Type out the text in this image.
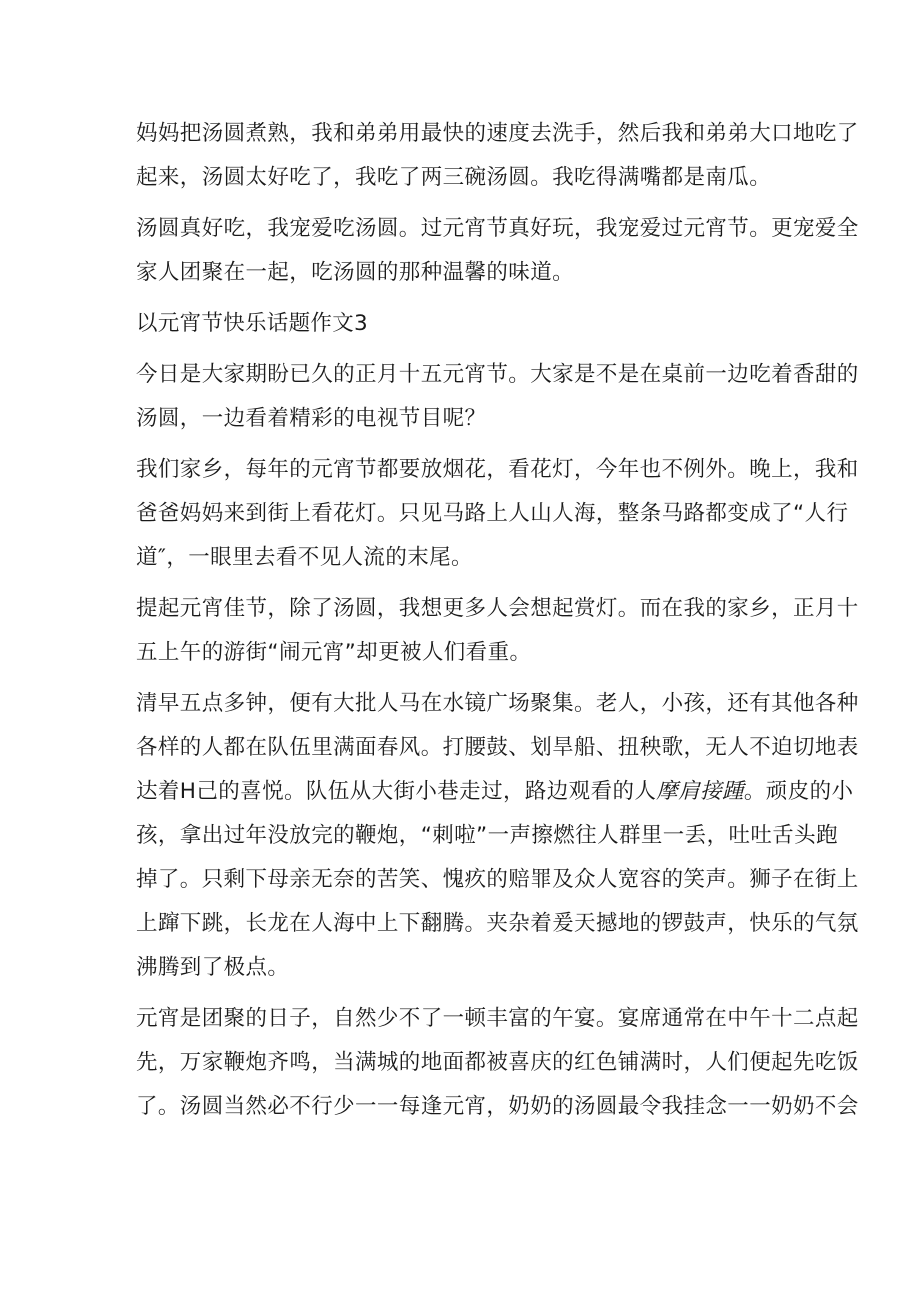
妈妈把汤圆煮熟，我和弟弟用最快的速度去洗手，然后我和弟弟大口地吃了
起来，汤圆太好吃了，我吃了两三碗汤圆。我吃得满嘴都是南瓜。

汤圆真好吃，我宠爱吃汤圆。过元宵节真好玩，我宠爱过元宵节。更宠爱全
家人团聚在一起，吃汤圆的那种温馨的味道。

以元宵节快乐话题作文3

今日是大家期盼已久的正月十五元宵节。大家是不是在桌前一边吃着香甜的
汤圆，一边看着精彩的电视节目呢？

我们家乡，每年的元宵节都要放烟花，看花灯，今年也不例外。晚上，我和
爸爸妈妈来到街上看花灯。只见马路上人山人海，整条马路都变成了“人行
道″，一眼里去看不见人流的末尾。

提起元宵佳节，除了汤圆，我想更多人会想起赏灯。而在我的家乡，正月十
五上午的游街“闹元宵”却更被人们看重。

清早五点多钟，便有大批人马在水镜广场聚集。老人，小孩，还有其他各种
各样的人都在队伍里满面春风。打腰鼓、划旱船、扭秧歌，无人不迫切地表
达着H己的喜悦。队伍从大街小巷走过，路边观看的人摩肩接踵。顽皮的小
孩，拿出过年没放完的鞭炮，“刺啦”一声擦燃往人群里一丢，吐吐舌头跑
掉了。只剩下母亲无奈的苦笑、愧疚的赔罪及众人宽容的笑声。狮子在街上
上蹿下跳，长龙在人海中上下翻腾。夹杂着爰天撼地的锣鼓声，快乐的气氛
沸腾到了极点。

元宵是团聚的日子，自然少不了一顿丰富的午宴。宴席通常在中午十二点起
先，万家鞭炮齐鸣，当满城的地面都被喜庆的红色铺满时，人们便起先吃饭
了。汤圆当然必不行少一一每逢元宵，奶奶的汤圆最令我挂念一一奶奶不会
